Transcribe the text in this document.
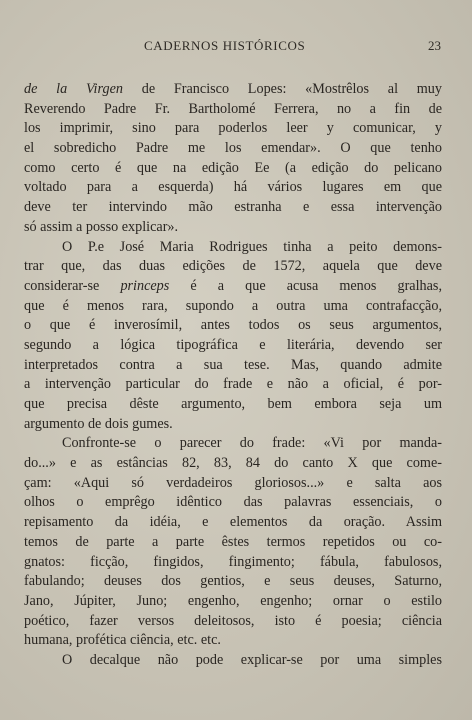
CADERNOS HISTÓRICOS	23
de la Virgen de Francisco Lopes: «Mostrêlos al muy
Reverendo Padre Fr. Bartholomé Ferrera, no a fin de
los imprimir, sino para poderlos leer y comunicar, y
el sobredicho Padre me los emendar». O que tenho
como certo é que na edição Ee (a edição do pelicano
voltado para a esquerda) há vários lugares em que
deve ter intervindo mão estranha e essa intervenção
só assim a posso explicar».
O P.e José Maria Rodrigues tinha a peito demons-
trar que, das duas edições de 1572, aquela que deve
considerar-se princeps é a que acusa menos gralhas,
que é menos rara, supondo a outra uma contrafacção,
o que é inverosímil, antes todos os seus argumentos,
segundo a lógica tipográfica e literária, devendo ser
interpretados contra a sua tese. Mas, quando admite
a intervenção particular do frade e não a oficial, é por-
que precisa dêste argumento, bem embora seja um
argumento de dois gumes.
Confronte-se o parecer do frade: «Vi por manda-
do...» e as estâncias 82, 83, 84 do canto X que come-
çam: «Aqui só verdadeiros gloriosos...» e salta aos
olhos o emprêgo idêntico das palavras essenciais, o
repisamento da idéia, e elementos da oração. Assim
temos de parte a parte êstes termos repetidos ou co-
gnatos: ficção, fingidos, fingimento; fábula, fabulosos,
fabulando; deuses dos gentios, e seus deuses, Saturno,
Jano, Júpiter, Juno; engenho, engenho; ornar o estilo
poético, fazer versos deleitosos, isto é poesia; ciência
humana, profética ciência, etc. etc.
O decalque não pode explicar-se por uma simples
